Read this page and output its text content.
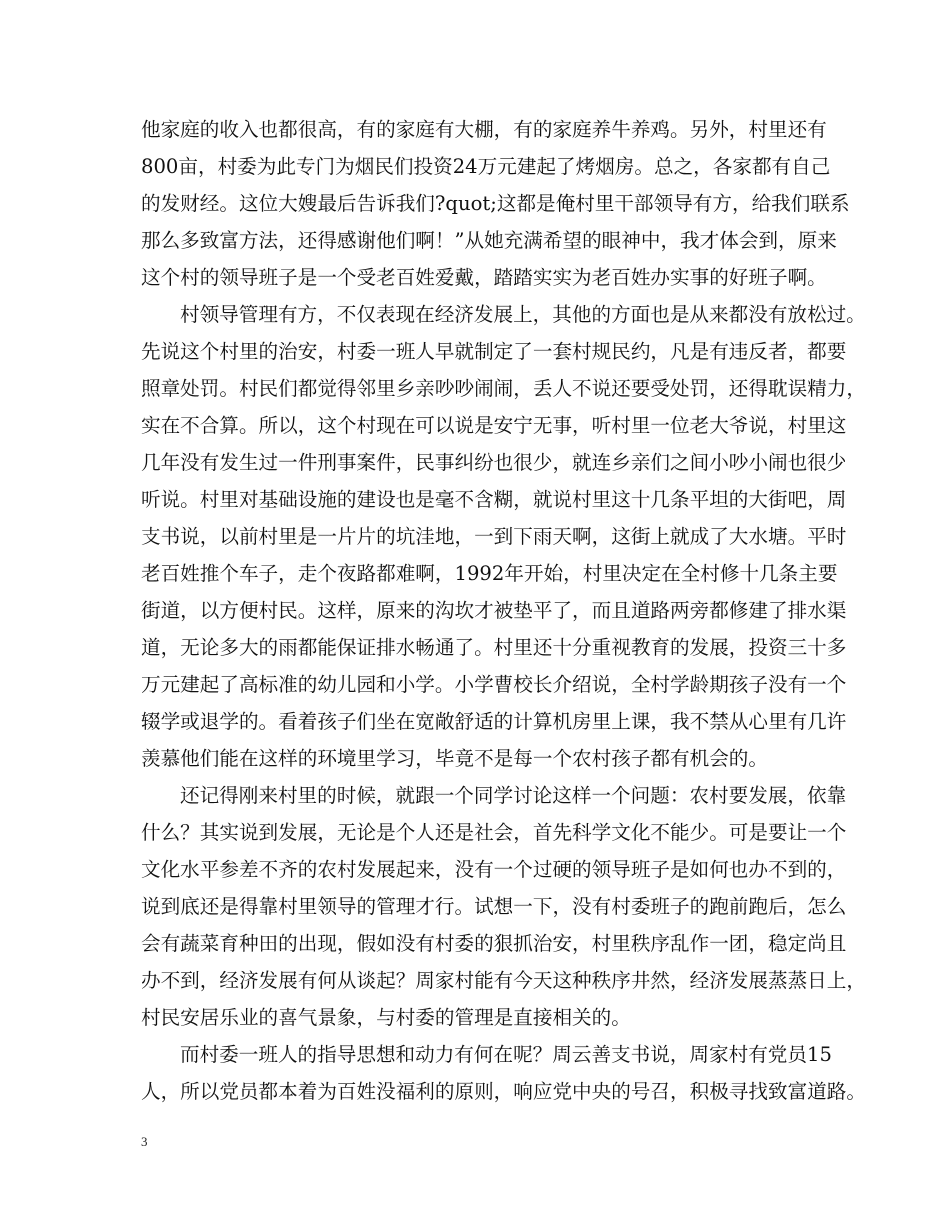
他家庭的收入也都很高，有的家庭有大棚，有的家庭养牛养鸡。另外，村里还有
800亩，村委为此专门为烟民们投资24万元建起了烤烟房。总之，各家都有自己
的发财经。这位大嫂最后告诉我们?quot;这都是俺村里干部领导有方，给我们联系
那么多致富方法，还得感谢他们啊！”从她充满希望的眼神中，我才体会到，原来
这个村的领导班子是一个受老百姓爱戴，踏踏实实为老百姓办实事的好班子啊。
村领导管理有方，不仅表现在经济发展上，其他的方面也是从来都没有放松过。
先说这个村里的治安，村委一班人早就制定了一套村规民约，凡是有违反者，都要
照章处罚。村民们都觉得邻里乡亲吵吵闹闹，丢人不说还要受处罚，还得耽误精力，
实在不合算。所以，这个村现在可以说是安宁无事，听村里一位老大爷说，村里这
几年没有发生过一件刑事案件，民事纠纷也很少，就连乡亲们之间小吵小闹也很少
听说。村里对基础设施的建设也是毫不含糊，就说村里这十几条平坦的大街吧，周
支书说，以前村里是一片片的坑洼地，一到下雨天啊，这街上就成了大水塘。平时
老百姓推个车子，走个夜路都难啊，1992年开始，村里决定在全村修十几条主要
街道，以方便村民。这样，原来的沟坎才被垫平了，而且道路两旁都修建了排水渠
道，无论多大的雨都能保证排水畅通了。村里还十分重视教育的发展，投资三十多
万元建起了高标准的幼儿园和小学。小学曹校长介绍说，全村学龄期孩子没有一个
辍学或退学的。看着孩子们坐在宽敞舒适的计算机房里上课，我不禁从心里有几许
羡慕他们能在这样的环境里学习，毕竟不是每一个农村孩子都有机会的。
还记得刚来村里的时候，就跟一个同学讨论这样一个问题：农村要发展，依靠
什么？其实说到发展，无论是个人还是社会，首先科学文化不能少。可是要让一个
文化水平参差不齐的农村发展起来，没有一个过硬的领导班子是如何也办不到的，
说到底还是得靠村里领导的管理才行。试想一下，没有村委班子的跑前跑后，怎么
会有蔬菜育种田的出现，假如没有村委的狠抓治安，村里秩序乱作一团，稳定尚且
办不到，经济发展有何从谈起？周家村能有今天这种秩序井然，经济发展蒸蒸日上，
村民安居乐业的喜气景象，与村委的管理是直接相关的。
而村委一班人的指导思想和动力有何在呢？周云善支书说，周家村有党员15
人，所以党员都本着为百姓没福利的原则，响应党中央的号召，积极寻找致富道路。
3
